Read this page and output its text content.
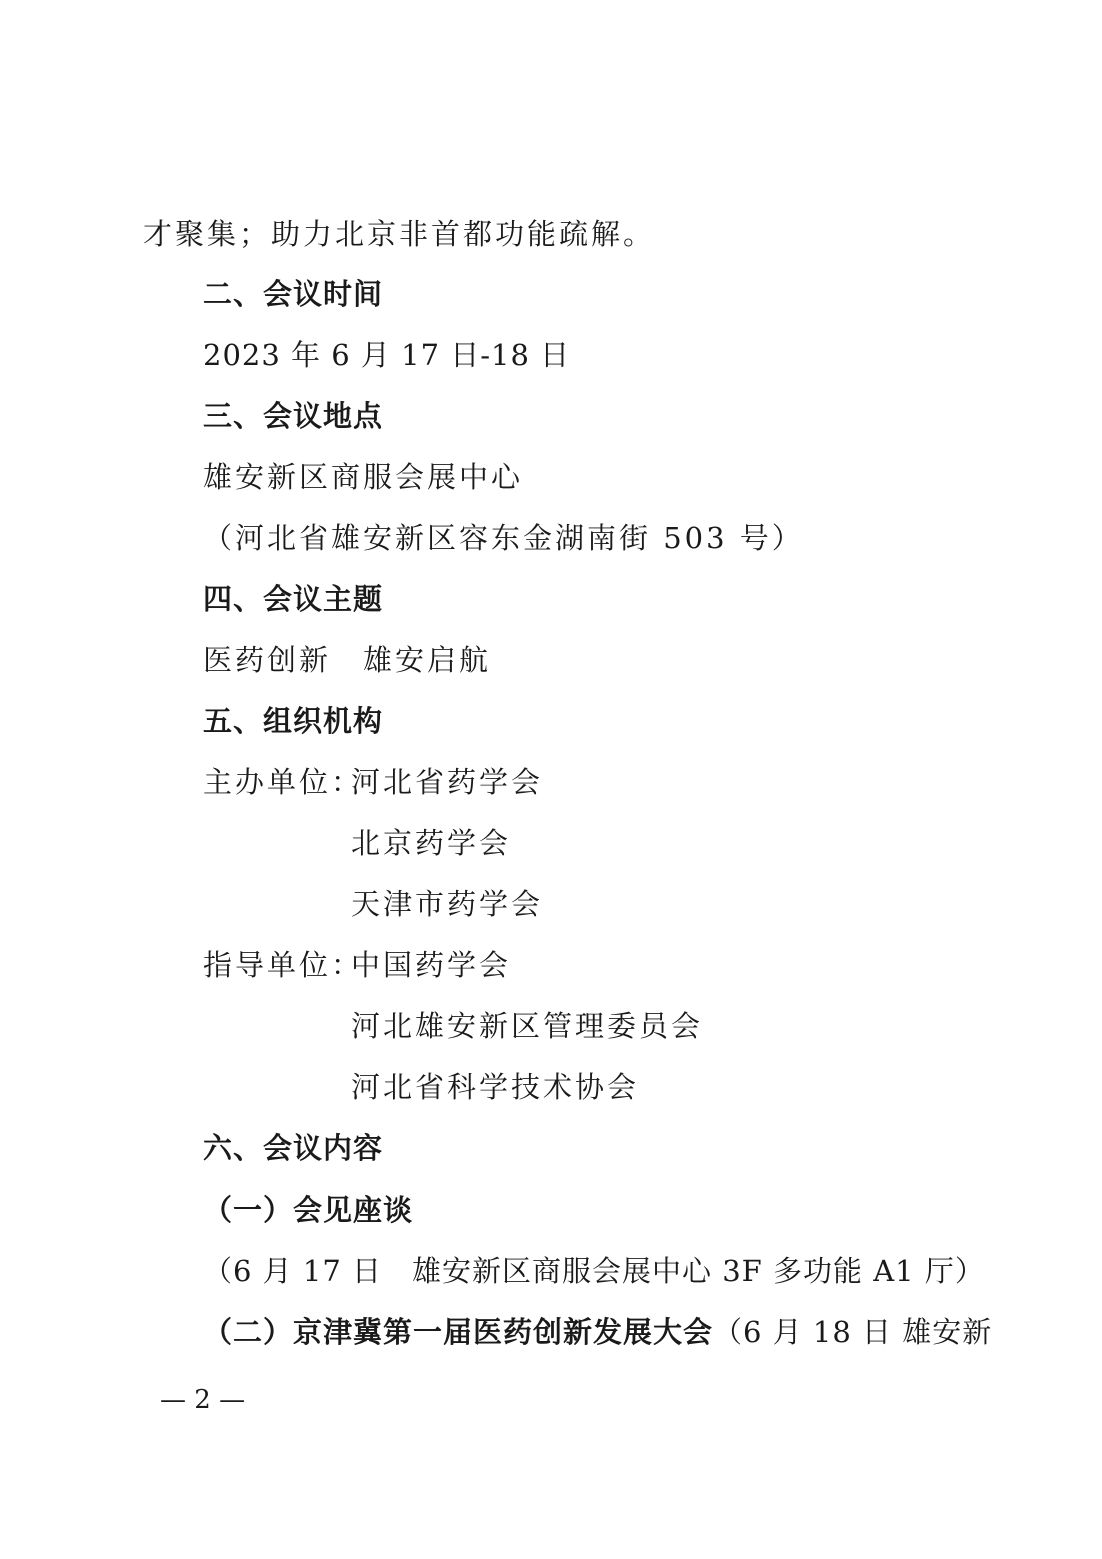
才聚集；助力北京非首都功能疏解。
二、会议时间
2023 年 6 月 17 日-18 日
三、会议地点
雄安新区商服会展中心
（河北省雄安新区容东金湖南街 503 号）
四、会议主题
医药创新　雄安启航
五、组织机构
主办单位：
河北省药学会
北京药学会
天津市药学会
指导单位：
中国药学会
河北雄安新区管理委员会
河北省科学技术协会
六、会议内容
（一）会见座谈
（6 月 17 日　雄安新区商服会展中心 3F 多功能 A1 厅）
（二）京津冀第一届医药创新发展大会（6 月 18 日 雄安新
— 2 —
